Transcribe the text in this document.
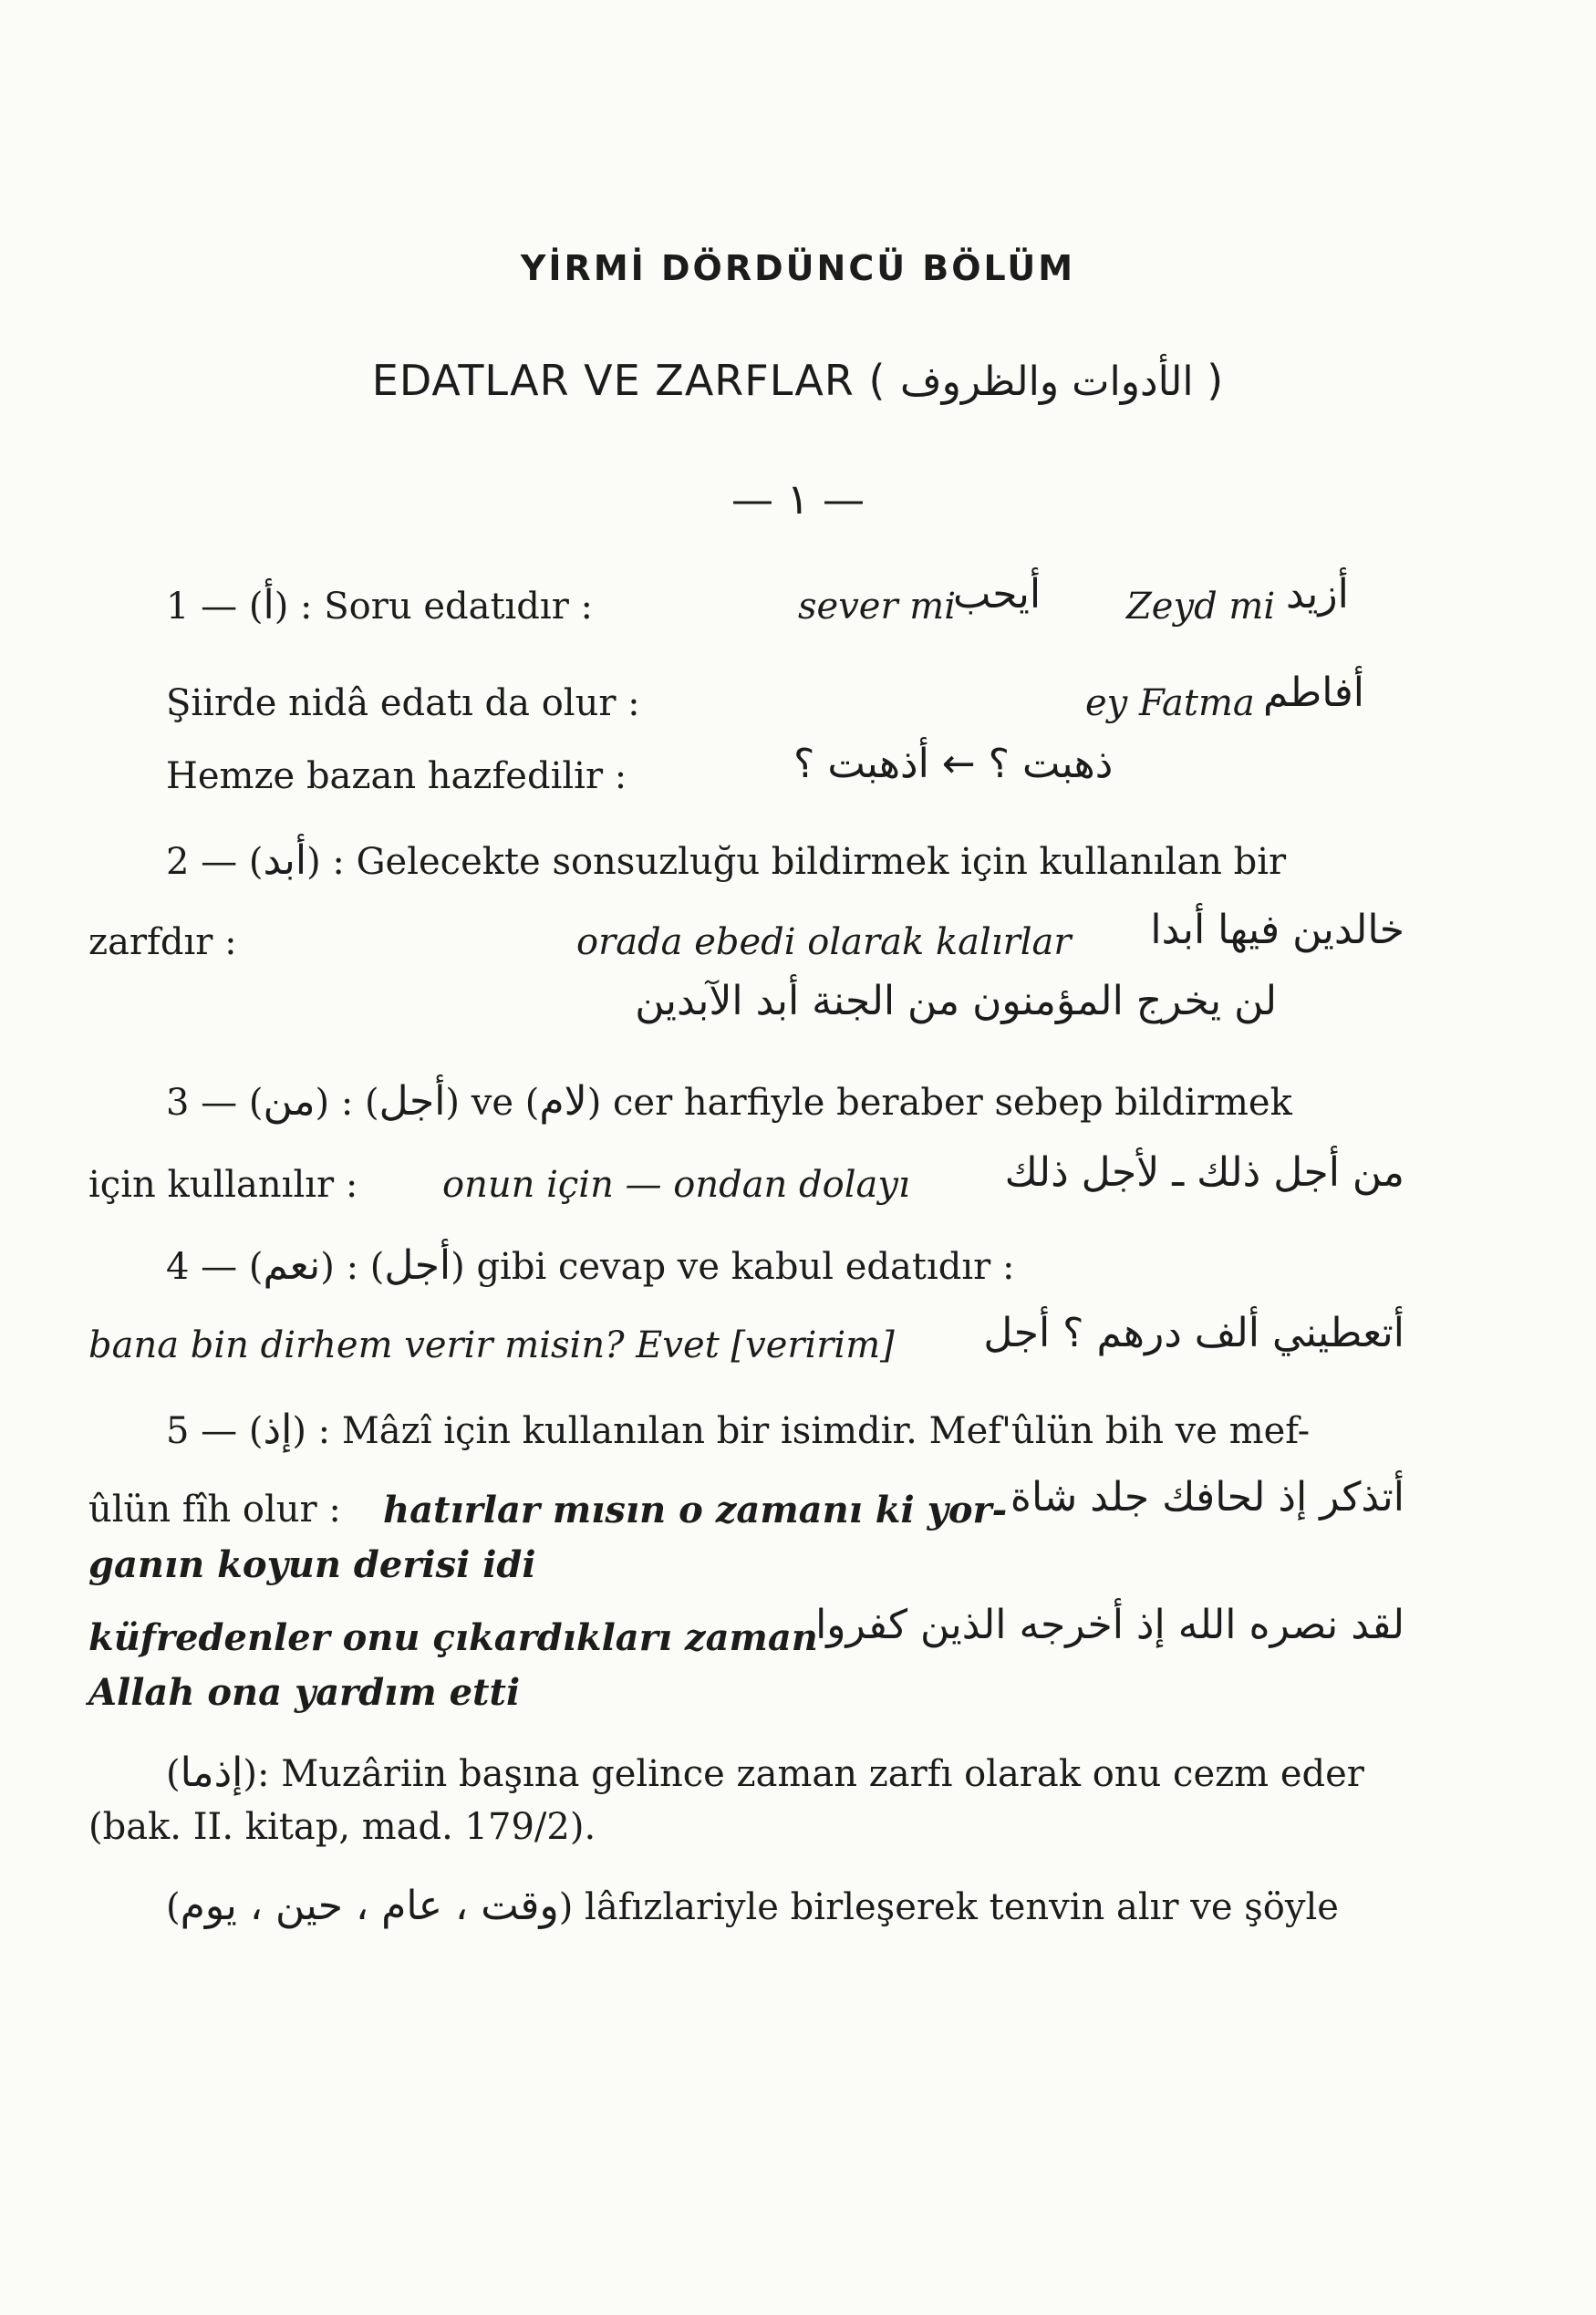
YİRMİ DÖRDÜNCÜ BÖLÜM
EDATLAR VE ZARFLAR ( الأدوات والظروف )
— ١ —
1 — (أ) : Soru edatıdır :	sever mi
أيحب Zeyd mi أزيد
Şiirde nidâ edatı da olur :	ey Fatma أفاطم
Hemze bazan hazfedilir :	ذهبت ؟ ← أذهبت ؟
2 — (أبد) : Gelecekte sonsuzluğu bildirmek için kullanılan bir
zarfdır :	orada ebedi olarak kalırlar خالدين فيها أبدا
لن يخرج المؤمنون من الجنة أبد الآبدين
3 — (	أجل) : (من	) ve (لام) cer harfiyle beraber sebep bildirmek
için kullanılır : onun için — ondan dolayı من أجل ذلك ـ لأجل ذلك
4 — (	أجل) : (نعم	) gibi cevap ve kabul edatıdır :
bana bin dirhem verir misin? Evet [veririm] أتعطيني ألف درهم ؟ أجل
5 — (إذ) : Mâzî için kullanılan bir isimdir. Mef'ûlün bih ve mef-
ûlün fîh olur : hatırlar mısın o zamanı ki yor- أتذكر إذ لحافك جلد شاة
ganın koyun derisi idi
küfredenler onu çıkardıkları zaman
لقد نصره الله إذ أخرجه الذين كفروا
Allah ona yardım etti
(إذما): Muzâriin başına gelince zaman zarfı olarak onu cezm eder
(bak. II. kitap, mad. 179/2).
(وقت ، عام ، حين ، يوم) lâfızlariyle birleşerek tenvin alır ve şöyle
